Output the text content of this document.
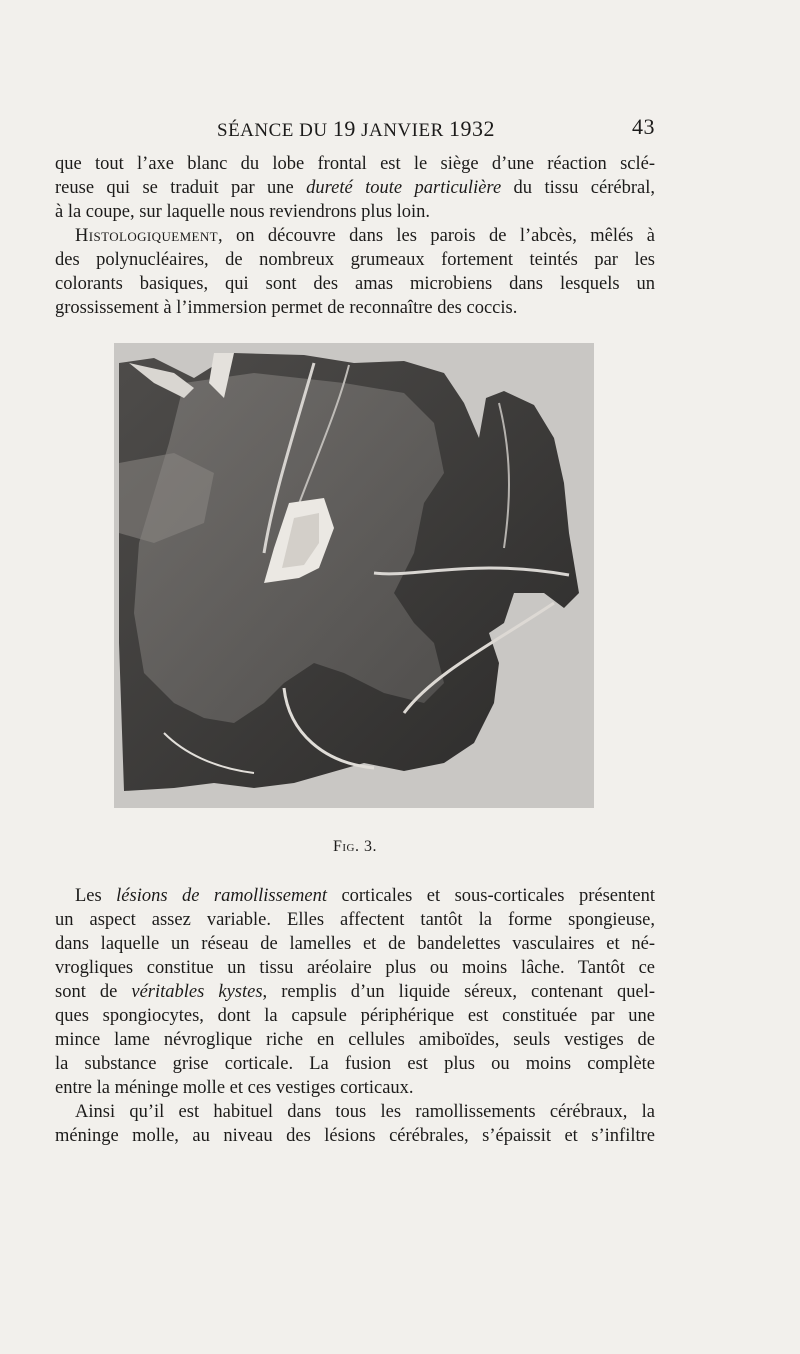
SÉANCE DU 19 JANVIER 1932	43
que tout l’axe blanc du lobe frontal est le siège d’une réaction sclé-
reuse qui se traduit par une dureté toute particulière du tissu cérébral,
à la coupe, sur laquelle nous reviendrons plus loin.
Histologiquement, on découvre dans les parois de l’abcès, mêlés à
des polynucléaires, de nombreux grumeaux fortement teintés par les
colorants basiques, qui sont des amas microbiens dans lesquels un
grossissement à l’immersion permet de reconnaître des coccis.
Fig. 3.
Les lésions de ramollissement corticales et sous-corticales présentent
un aspect assez variable. Elles affectent tantôt la forme spongieuse,
dans laquelle un réseau de lamelles et de bandelettes vasculaires et né-
vrogliques constitue un tissu aréolaire plus ou moins lâche. Tantôt ce
sont de véritables kystes, remplis d’un liquide séreux, contenant quel-
ques spongiocytes, dont la capsule périphérique est constituée par une
mince lame névroglique riche en cellules amiboïdes, seuls vestiges de
la substance grise corticale. La fusion est plus ou moins complète
entre la méninge molle et ces vestiges corticaux.
Ainsi qu’il est habituel dans tous les ramollissements cérébraux, la
méninge molle, au niveau des lésions cérébrales, s’épaissit et s’infiltre
